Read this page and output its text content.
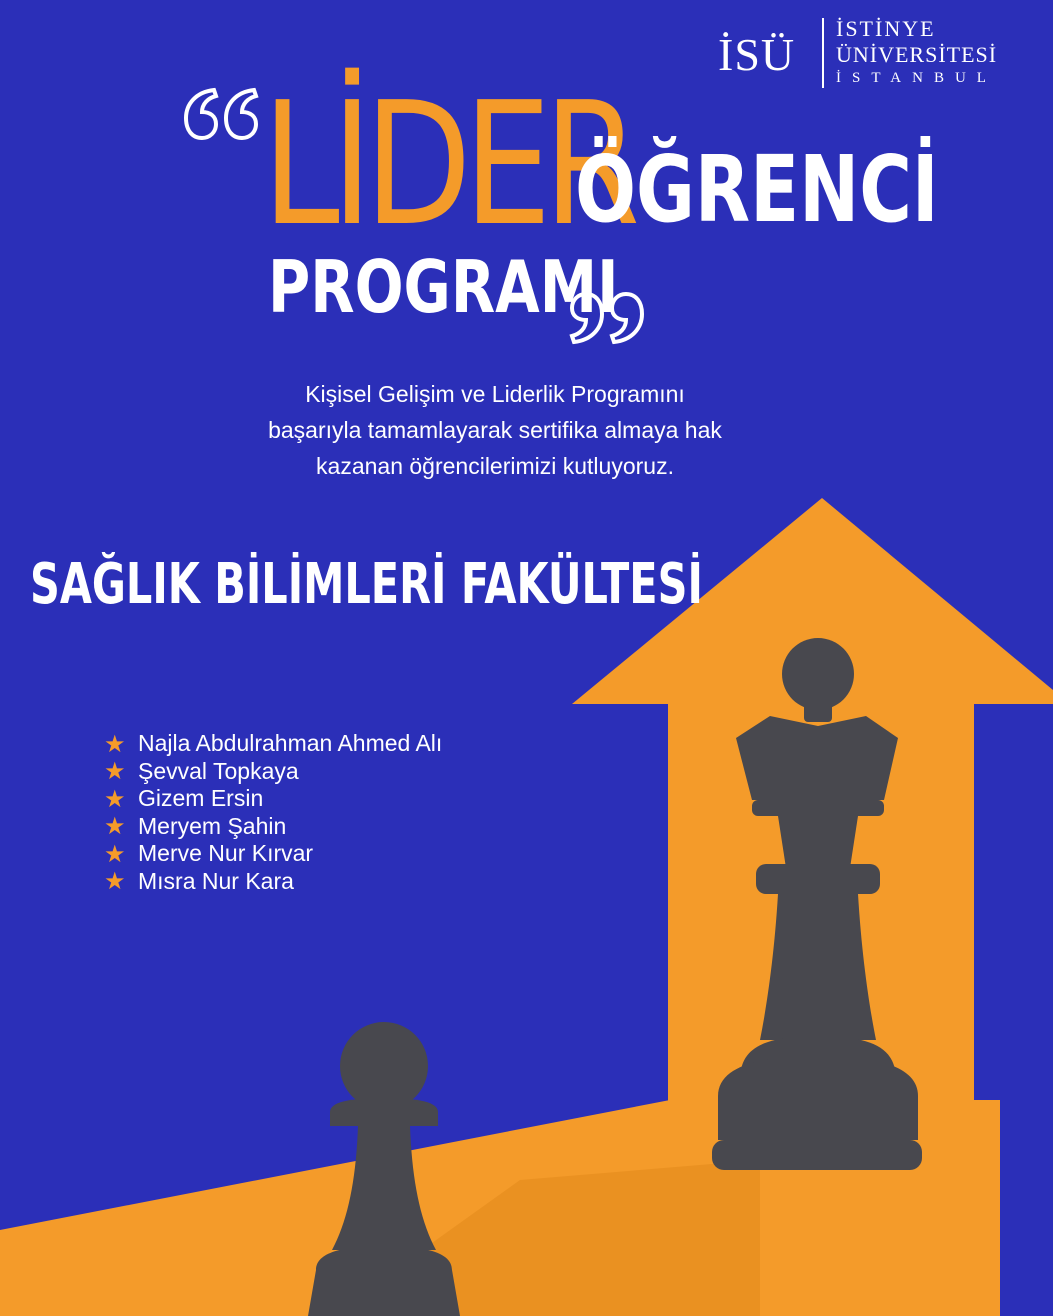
İSÜ
İSTİNYE
ÜNİVERSİTESİ
İSTANBUL
LİDER
ÖĞRENCİ
PROGRAMI
Kişisel Gelişim ve Liderlik Programını
başarıyla tamamlayarak sertifika almaya hak
kazanan öğrencilerimizi kutluyoruz.
SAĞLIK BİLİMLERİ FAKÜLTESİ
★ Najla Abdulrahman Ahmed Alı
★ Şevval Topkaya
★ Gizem Ersin
★ Meryem Şahin
★ Merve Nur Kırvar
★ Mısra Nur Kara
